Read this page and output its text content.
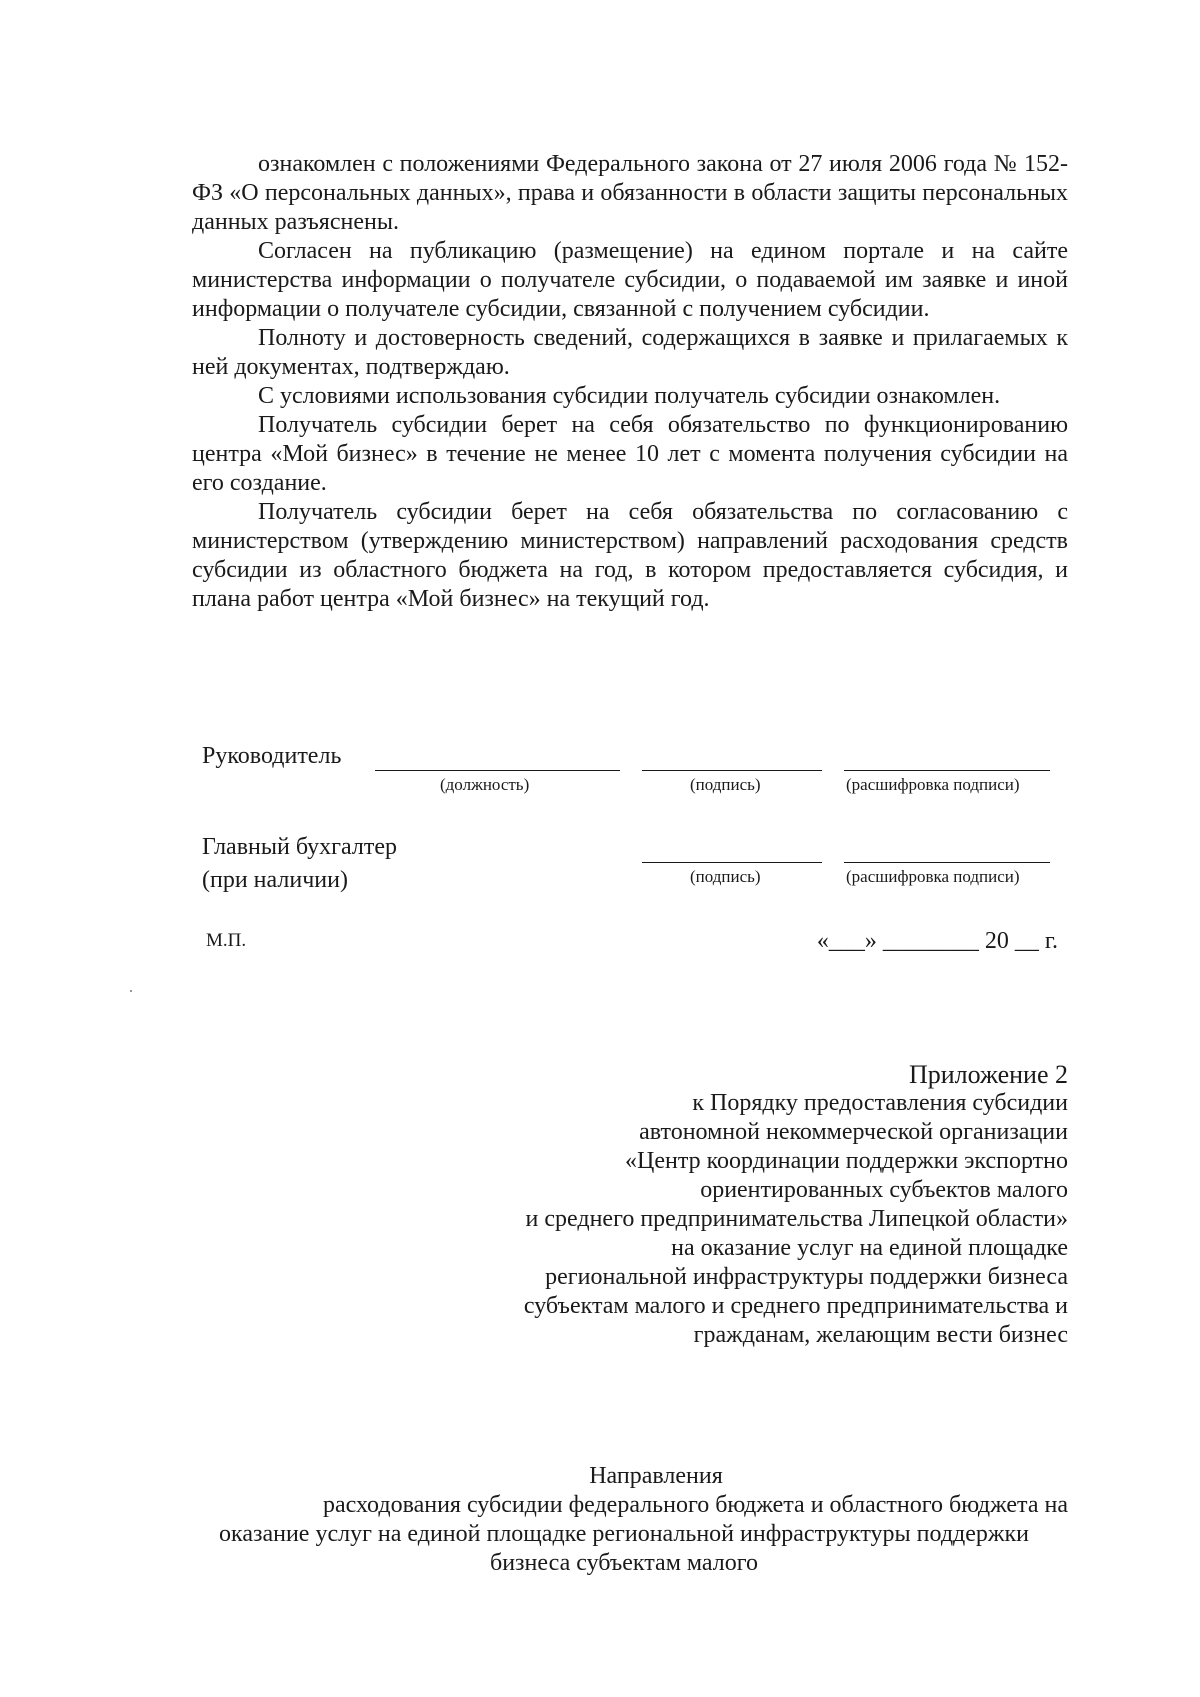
ознакомлен с положениями Федерального закона от 27 июля 2006 года № 152-ФЗ «О персональных данных», права и обязанности в области защиты персональных данных разъяснены.

Согласен на публикацию (размещение) на едином портале и на сайте министерства информации о получателе субсидии, о подаваемой им заявке и иной информации о получателе субсидии, связанной с получением субсидии.

Полноту и достоверность сведений, содержащихся в заявке и прилагаемых к ней документах, подтверждаю.

С условиями использования субсидии получатель субсидии ознакомлен.

Получатель субсидии берет на себя обязательство по функционированию центра «Мой бизнес» в течение не менее 10 лет с момента получения субсидии на его создание.

Получатель субсидии берет на себя обязательства по согласованию с министерством (утверждению министерством) направлений расходования средств субсидии из областного бюджета на год, в котором предоставляется субсидия, и плана работ центра «Мой бизнес» на текущий год.

Руководитель
(должность)	(подпись)	(расшифровка подписи)
Главный бухгалтер
(при наличии)	(подпись)	(расшифровка подписи)
М.П.	«___» ________ 20 __ г.
Приложение 2
к Порядку предоставления субсидии
автономной некоммерческой организации
«Центр координации поддержки экспортно
ориентированных субъектов малого
и среднего предпринимательства Липецкой области»
на оказание услуг на единой площадке
региональной инфраструктуры поддержки бизнеса
субъектам малого и среднего предпринимательства и
гражданам, желающим вести бизнес
Направления
расходования субсидии федерального бюджета и областного бюджета на
оказание услуг на единой площадке региональной инфраструктуры поддержки
бизнеса субъектам малого
